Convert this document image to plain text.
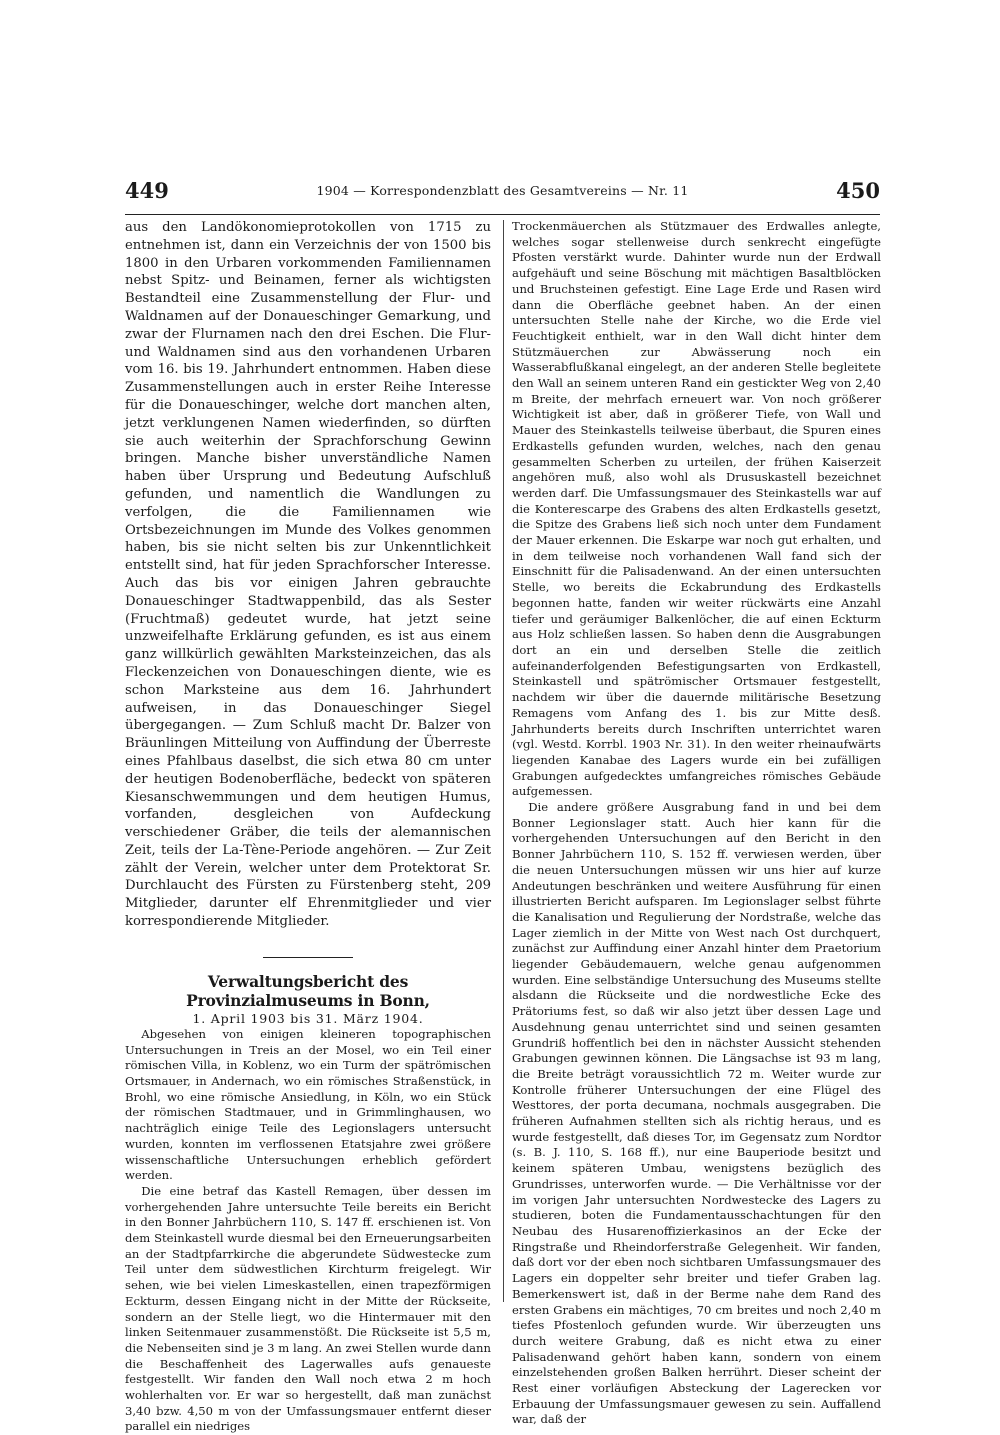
449	1904 — Korrespondenzblatt des Gesamtvereins — Nr. 11	450

aus den Landökonomieprotokollen von 1715 zu entnehmen ist, dann ein Verzeichnis der von 1500 bis 1800 in den Urbaren vorkommenden Familiennamen nebst Spitz- und Beinamen, ferner als wichtigsten Bestandteil eine Zusammenstellung der Flur- und Waldnamen auf der Donaueschinger Gemarkung, und zwar der Flurnamen nach den drei Eschen. Die Flur- und Waldnamen sind aus den vorhandenen Urbaren vom 16. bis 19. Jahrhundert entnommen. Haben diese Zusammenstellungen auch in erster Reihe Interesse für die Donaueschinger, welche dort manchen alten, jetzt verklungenen Namen wiederfinden, so dürften sie auch weiterhin der Sprachforschung Gewinn bringen. Manche bisher unverständliche Namen haben über Ursprung und Bedeutung Aufschluß gefunden, und namentlich die Wandlungen zu verfolgen, die die Familiennamen wie Ortsbezeichnungen im Munde des Volkes genommen haben, bis sie nicht selten bis zur Unkenntlichkeit entstellt sind, hat für jeden Sprachforscher Interesse. Auch das bis vor einigen Jahren gebrauchte Donaueschinger Stadtwappenbild, das als Sester (Fruchtmaß) gedeutet wurde, hat jetzt seine unzweifelhafte Erklärung gefunden, es ist aus einem ganz willkürlich gewählten Marksteinzeichen, das als Fleckenzeichen von Donaueschingen diente, wie es schon Marksteine aus dem 16. Jahrhundert aufweisen, in das Donaueschinger Siegel übergegangen. — Zum Schluß macht Dr. Balzer von Bräunlingen Mitteilung von Auffindung der Überreste eines Pfahlbaus daselbst, die sich etwa 80 cm unter der heutigen Bodenoberfläche, bedeckt von späteren Kiesanschwemmungen und dem heutigen Humus, vorfanden, desgleichen von Aufdeckung verschiedener Gräber, die teils der alemannischen Zeit, teils der La-Tène-Periode angehören. — Zur Zeit zählt der Verein, welcher unter dem Protektorat Sr. Durchlaucht des Fürsten zu Fürstenberg steht, 209 Mitglieder, darunter elf Ehrenmitglieder und vier korrespondierende Mitglieder.

Verwaltungsbericht des Provinzialmuseums in Bonn,

1. April 1903 bis 31. März 1904.

Abgesehen von einigen kleineren topographischen Untersuchungen in Treis an der Mosel, wo ein Teil einer römischen Villa, in Koblenz, wo ein Turm der spätrömischen Ortsmauer, in Andernach, wo ein römisches Straßenstück, in Brohl, wo eine römische Ansiedlung, in Köln, wo ein Stück der römischen Stadtmauer, und in Grimmlinghausen, wo nachträglich einige Teile des Legionslagers untersucht wurden, konnten im verflossenen Etatsjahre zwei größere wissenschaftliche Untersuchungen erheblich gefördert werden.

Die eine betraf das Kastell Remagen, über dessen im vorhergehenden Jahre untersuchte Teile bereits ein Bericht in den Bonner Jahrbüchern 110, S. 147 ff. erschienen ist. Von dem Steinkastell wurde diesmal bei den Erneuerungsarbeiten an der Stadtpfarrkirche die abgerundete Südwestecke zum Teil unter dem südwestlichen Kirchturm freigelegt. Wir sehen, wie bei vielen Limeskastellen, einen trapezförmigen Eckturm, dessen Eingang nicht in der Mitte der Rückseite, sondern an der Stelle liegt, wo die Hintermauer mit den linken Seitenmauer zusammenstößt. Die Rückseite ist 5,5 m, die Nebenseiten sind je 3 m lang. An zwei Stellen wurde dann die Beschaffenheit des Lagerwalles aufs genaueste festgestellt. Wir fanden den Wall noch etwa 2 m hoch wohlerhalten vor. Er war so hergestellt, daß man zunächst 3,40 bzw. 4,50 m von der Umfassungsmauer entfernt dieser parallel ein niedriges

Trockenmäuerchen als Stützmauer des Erdwalles anlegte, welches sogar stellenweise durch senkrecht eingefügte Pfosten verstärkt wurde. Dahinter wurde nun der Erdwall aufgehäuft und seine Böschung mit mächtigen Basaltblöcken und Bruchsteinen gefestigt. Eine Lage Erde und Rasen wird dann die Oberfläche geebnet haben. An der einen untersuchten Stelle nahe der Kirche, wo die Erde viel Feuchtigkeit enthielt, war in den Wall dicht hinter dem Stützmäuerchen zur Abwässerung noch ein Wasserabflußkanal eingelegt, an der anderen Stelle begleitete den Wall an seinem unteren Rand ein gestickter Weg von 2,40 m Breite, der mehrfach erneuert war. Von noch größerer Wichtigkeit ist aber, daß in größerer Tiefe, von Wall und Mauer des Steinkastells teilweise überbaut, die Spuren eines Erdkastells gefunden wurden, welches, nach den genau gesammelten Scherben zu urteilen, der frühen Kaiserzeit angehören muß, also wohl als Drususkastell bezeichnet werden darf. Die Umfassungsmauer des Steinkastells war auf die Konterescarpe des Grabens des alten Erdkastells gesetzt, die Spitze des Grabens ließ sich noch unter dem Fundament der Mauer erkennen. Die Eskarpe war noch gut erhalten, und in dem teilweise noch vorhandenen Wall fand sich der Einschnitt für die Palisadenwand. An der einen untersuchten Stelle, wo bereits die Eckabrundung des Erdkastells begonnen hatte, fanden wir weiter rückwärts eine Anzahl tiefer und geräumiger Balkenlöcher, die auf einen Eckturm aus Holz schließen lassen. So haben denn die Ausgrabungen dort an ein und derselben Stelle die zeitlich aufeinanderfolgenden Befestigungsarten von Erdkastell, Steinkastell und spätrömischer Ortsmauer festgestellt, nachdem wir über die dauernde militärische Besetzung Remagens vom Anfang des 1. bis zur Mitte desß. Jahrhunderts bereits durch Inschriften unterrichtet waren (vgl. Westd. Korrbl. 1903 Nr. 31). In den weiter rheinaufwärts liegenden Kanabae des Lagers wurde ein bei zufälligen Grabungen aufgedecktes umfangreiches römisches Gebäude aufgemessen.

Die andere größere Ausgrabung fand in und bei dem Bonner Legionslager statt. Auch hier kann für die vorhergehenden Untersuchungen auf den Bericht in den Bonner Jahrbüchern 110, S. 152 ff. verwiesen werden, über die neuen Untersuchungen müssen wir uns hier auf kurze Andeutungen beschränken und weitere Ausführung für einen illustrierten Bericht aufsparen. Im Legionslager selbst führte die Kanalisation und Regulierung der Nordstraße, welche das Lager ziemlich in der Mitte von West nach Ost durchquert, zunächst zur Auffindung einer Anzahl hinter dem Praetorium liegender Gebäudemauern, welche genau aufgenommen wurden. Eine selbständige Untersuchung des Museums stellte alsdann die Rückseite und die nordwestliche Ecke des Prätoriums fest, so daß wir also jetzt über dessen Lage und Ausdehnung genau unterrichtet sind und seinen gesamten Grundriß hoffentlich bei den in nächster Aussicht stehenden Grabungen gewinnen können. Die Längsachse ist 93 m lang, die Breite beträgt voraussichtlich 72 m. Weiter wurde zur Kontrolle früherer Untersuchungen der eine Flügel des Westtores, der porta decumana, nochmals ausgegraben. Die früheren Aufnahmen stellten sich als richtig heraus, und es wurde festgestellt, daß dieses Tor, im Gegensatz zum Nordtor (s. B. J. 110, S. 168 ff.), nur eine Bauperiode besitzt und keinem späteren Umbau, wenigstens bezüglich des Grundrisses, unterworfen wurde. — Die Verhältnisse vor der im vorigen Jahr untersuchten Nordwestecke des Lagers zu studieren, boten die Fundamentausschachtungen für den Neubau des Husarenoffizierkasinos an der Ecke der Ringstraße und Rheindorferstraße Gelegenheit. Wir fanden, daß dort vor der eben noch sichtbaren Umfassungsmauer des Lagers ein doppelter sehr breiter und tiefer Graben lag. Bemerkenswert ist, daß in der Berme nahe dem Rand des ersten Grabens ein mächtiges, 70 cm breites und noch 2,40 m tiefes Pfostenloch gefunden wurde. Wir überzeugten uns durch weitere Grabung, daß es nicht etwa zu einer Palisadenwand gehört haben kann, sondern von einem einzelstehenden großen Balken herrührt. Dieser scheint der Rest einer vorläufigen Absteckung der Lagerecken vor Erbauung der Umfassungsmauer gewesen zu sein. Auffallend war, daß der
